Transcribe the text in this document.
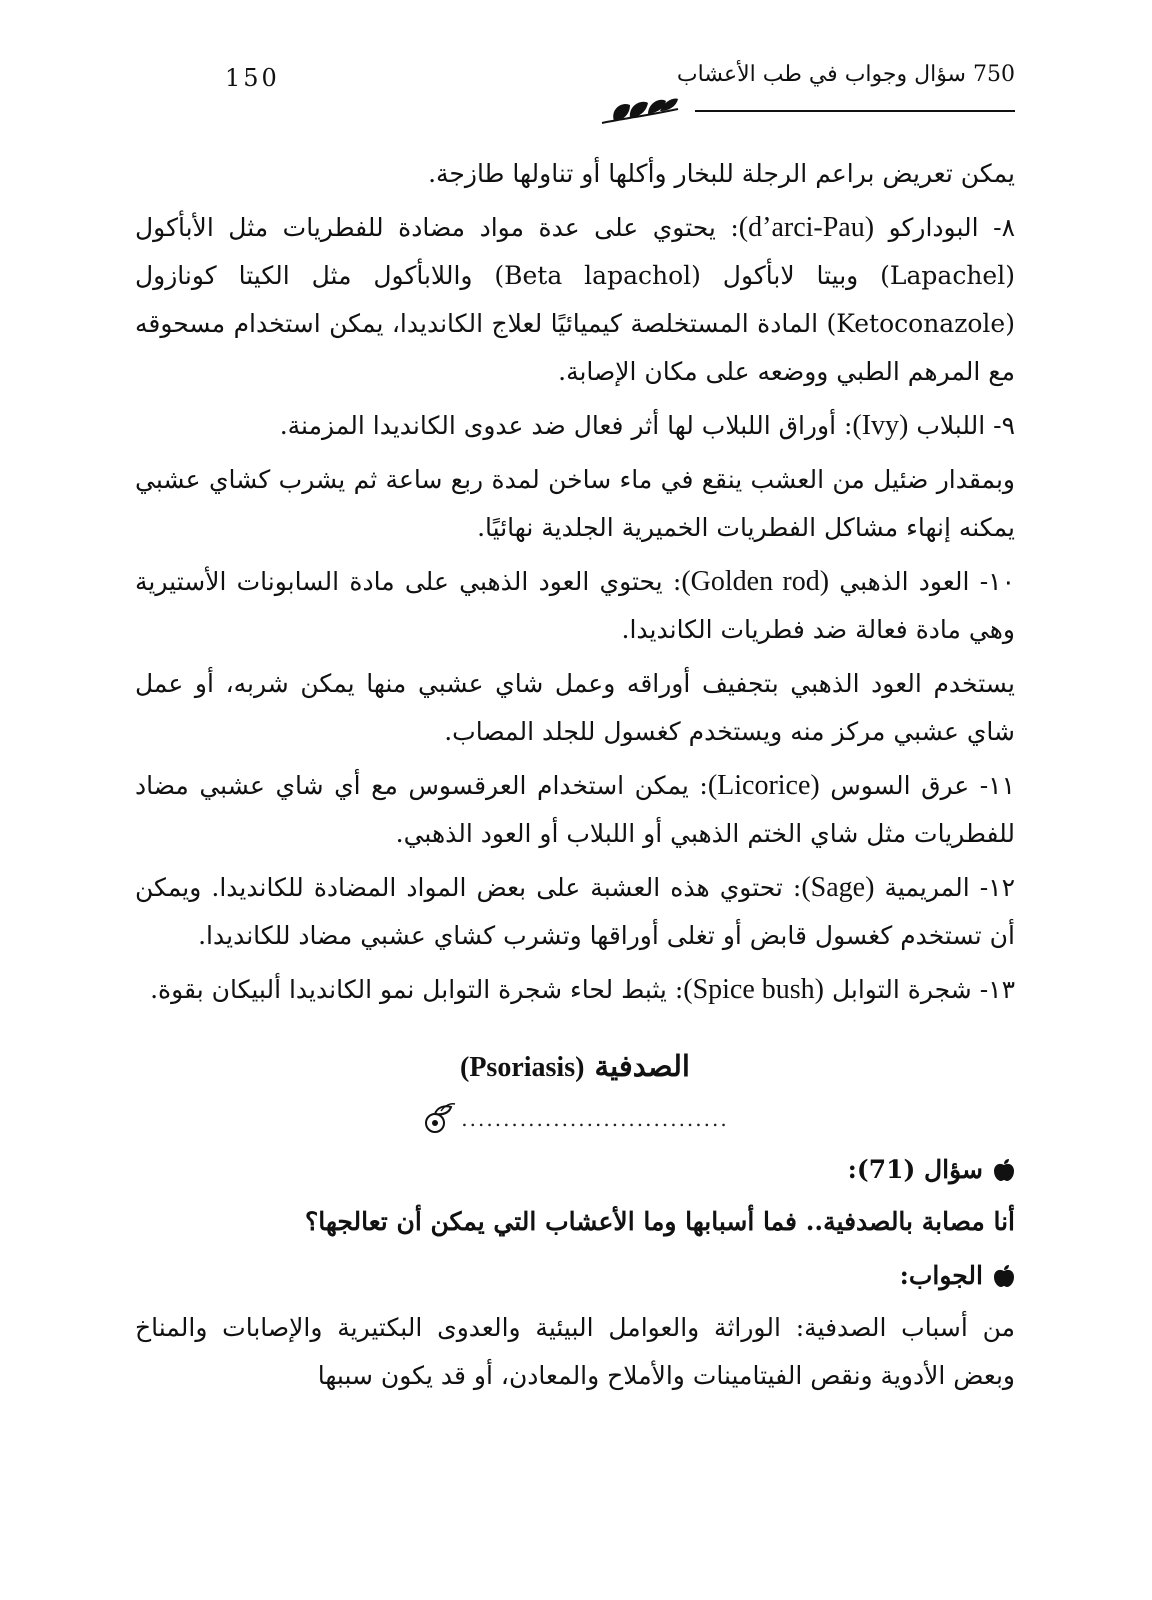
150	750 سؤال وجواب في طب الأعشاب

يمكن تعريض براعم الرجلة للبخار وأكلها أو تناولها طازجة.

٨- البوداركو (d’arci-Pau): يحتوي على عدة مواد مضادة للفطريات مثل الأبأكول (Lapachel) وبيتا لابأكول (Beta lapachol) واللابأكول مثل الكيتا كونازول (Ketoconazole) المادة المستخلصة كيميائيًا لعلاج الكانديدا، يمكن استخدام مسحوقه مع المرهم الطبي ووضعه على مكان الإصابة.

٩- اللبلاب (Ivy): أوراق اللبلاب لها أثر فعال ضد عدوى الكانديدا المزمنة.

وبمقدار ضئيل من العشب ينقع في ماء ساخن لمدة ربع ساعة ثم يشرب كشاي عشبي يمكنه إنهاء مشاكل الفطريات الخميرية الجلدية نهائيًا.

١٠- العود الذهبي (Golden rod): يحتوي العود الذهبي على مادة السابونات الأستيرية وهي مادة فعالة ضد فطريات الكانديدا.

يستخدم العود الذهبي بتجفيف أوراقه وعمل شاي عشبي منها يمكن شربه، أو عمل شاي عشبي مركز منه ويستخدم كغسول للجلد المصاب.

١١- عرق السوس (Licorice): يمكن استخدام العرقسوس مع أي شاي عشبي مضاد للفطريات مثل شاي الختم الذهبي أو اللبلاب أو العود الذهبي.

١٢- المريمية (Sage): تحتوي هذه العشبة على بعض المواد المضادة للكانديدا. ويمكن أن تستخدم كغسول قابض أو تغلى أوراقها وتشرب كشاي عشبي مضاد للكانديدا.

١٣- شجرة التوابل (Spice bush): يثبط لحاء شجرة التوابل نمو الكانديدا ألبيكان بقوة.

الصدفية (Psoriasis)
................................
سؤال (71):

أنا مصابة بالصدفية.. فما أسبابها وما الأعشاب التي يمكن أن تعالجها؟

الجواب:

من أسباب الصدفية: الوراثة والعوامل البيئية والعدوى البكتيرية والإصابات والمناخ وبعض الأدوية ونقص الفيتامينات والأملاح والمعادن، أو قد يكون سببها
